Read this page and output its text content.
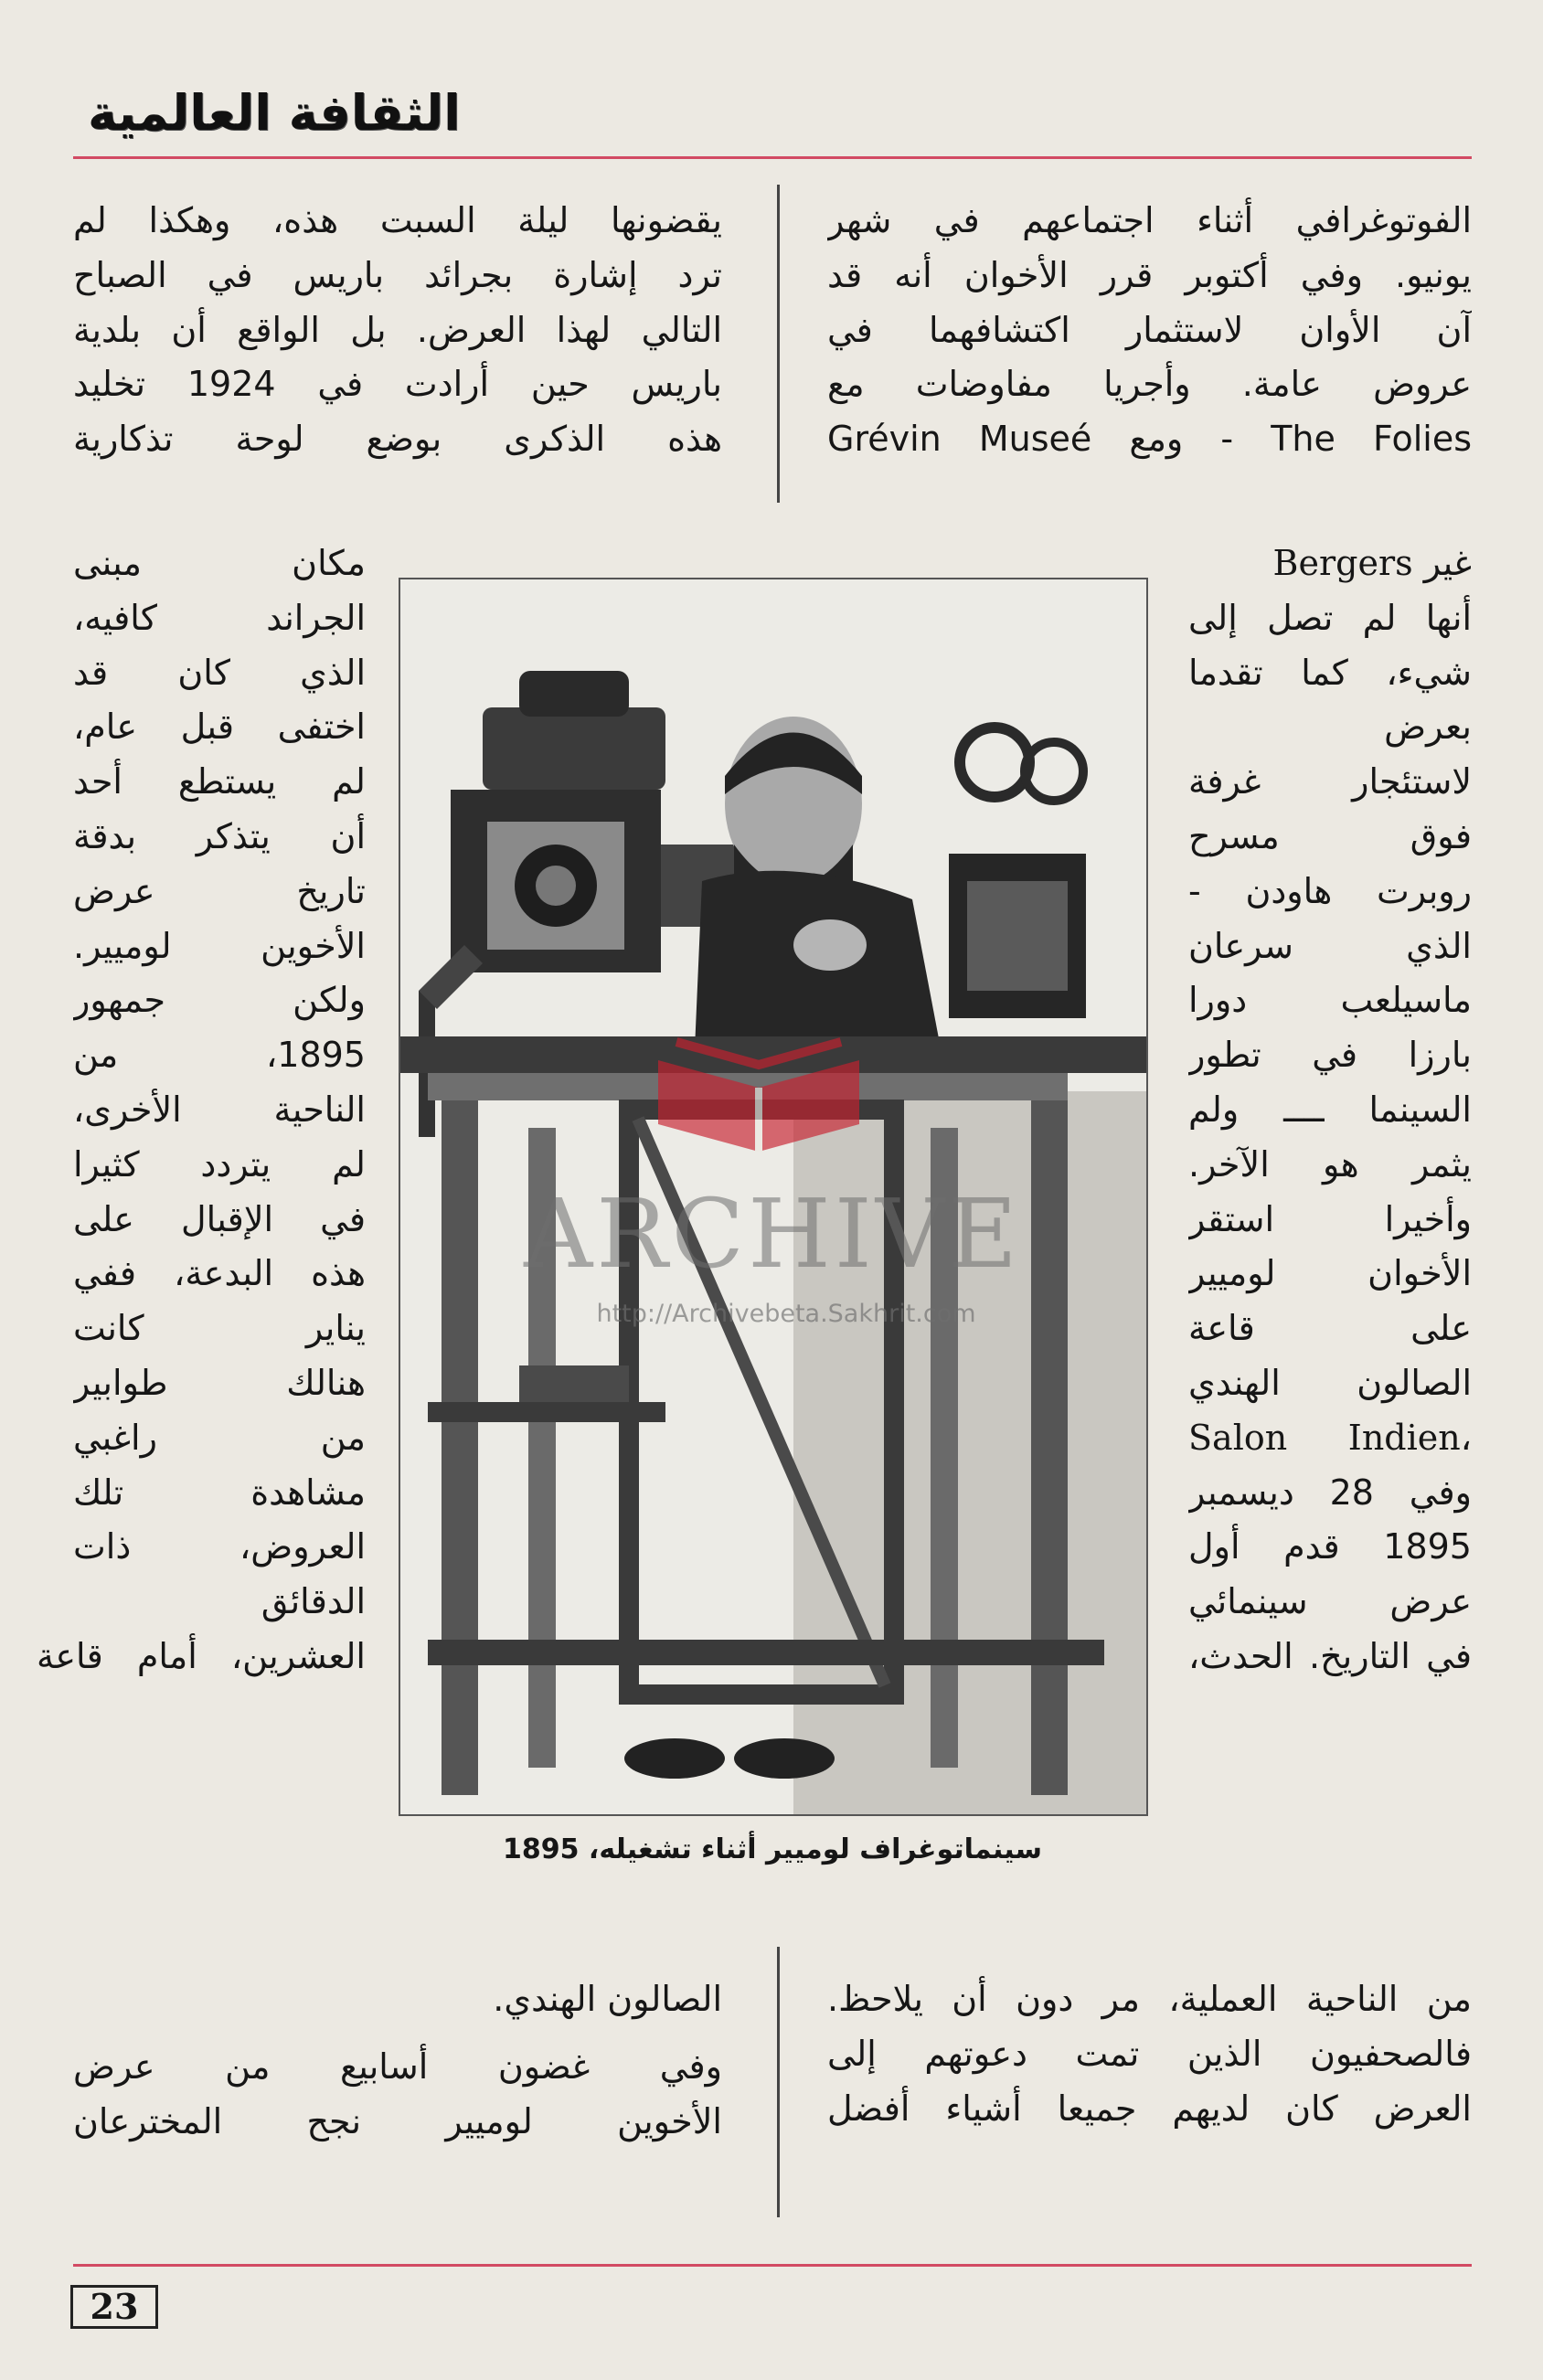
الثقافة العالمية

الفوتوغرافي أثناء اجتماعهم في شهر

يونيو. وفي أكتوبر قرر الأخوان أنه قد

آن الأوان لاستثمار اكتشافهما في

عروض عامة. وأجريا مفاوضات مع

The Folies - ومع Grévin Museé

Bergers غير

أنها لم تصل إلى

شيء، كما تقدما

بعرض

لاستئجار غرفة

فوق مسرح

روبرت هاودن -

الذي سرعان

ماسيلعب دورا

بارزا في تطور

السينما ــــ ولم

يثمر هو الآخر.

وأخيرا استقر

الأخوان لوميير

على قاعة

الصالون الهندي

Salon Indien،

وفي 28 ديسمبر

1895 قدم أول

عرض سينمائي

في التاريخ. الحدث،

من الناحية العملية، مر دون أن يلاحظ.

فالصحفيون الذين تمت دعوتهم إلى

العرض كان لديهم جميعا أشياء أفضل

يقضونها ليلة السبت هذه، وهكذا لم

ترد إشارة بجرائد باريس في الصباح

التالي لهذا العرض. بل الواقع أن بلدية

باريس حين أرادت في 1924 تخليد

هذه الذكرى بوضع لوحة تذكارية

مكان مبنى

الجراند كافيه،

الذي كان قد

اختفى قبل عام،

لم يستطع أحد

أن يتذكر بدقة

تاريخ عرض

الأخوين لوميير.

ولكن جمهور

1895، من

الناحية الأخرى،

لم يتردد كثيرا

في الإقبال على

هذه البدعة، ففي

يناير كانت

هنالك طوابير

من راغبي

مشاهدة تلك

العروض، ذات

الدقائق

العشرين، أمام قاعة

الصالون الهندي.

وفي غضون أسابيع من عرض

الأخوين لوميير نجح المخترعان

ARCHIVE
http://Archivebeta.Sakhrit.com
سينماتوغراف لوميير أثناء تشغيله، 1895
23
